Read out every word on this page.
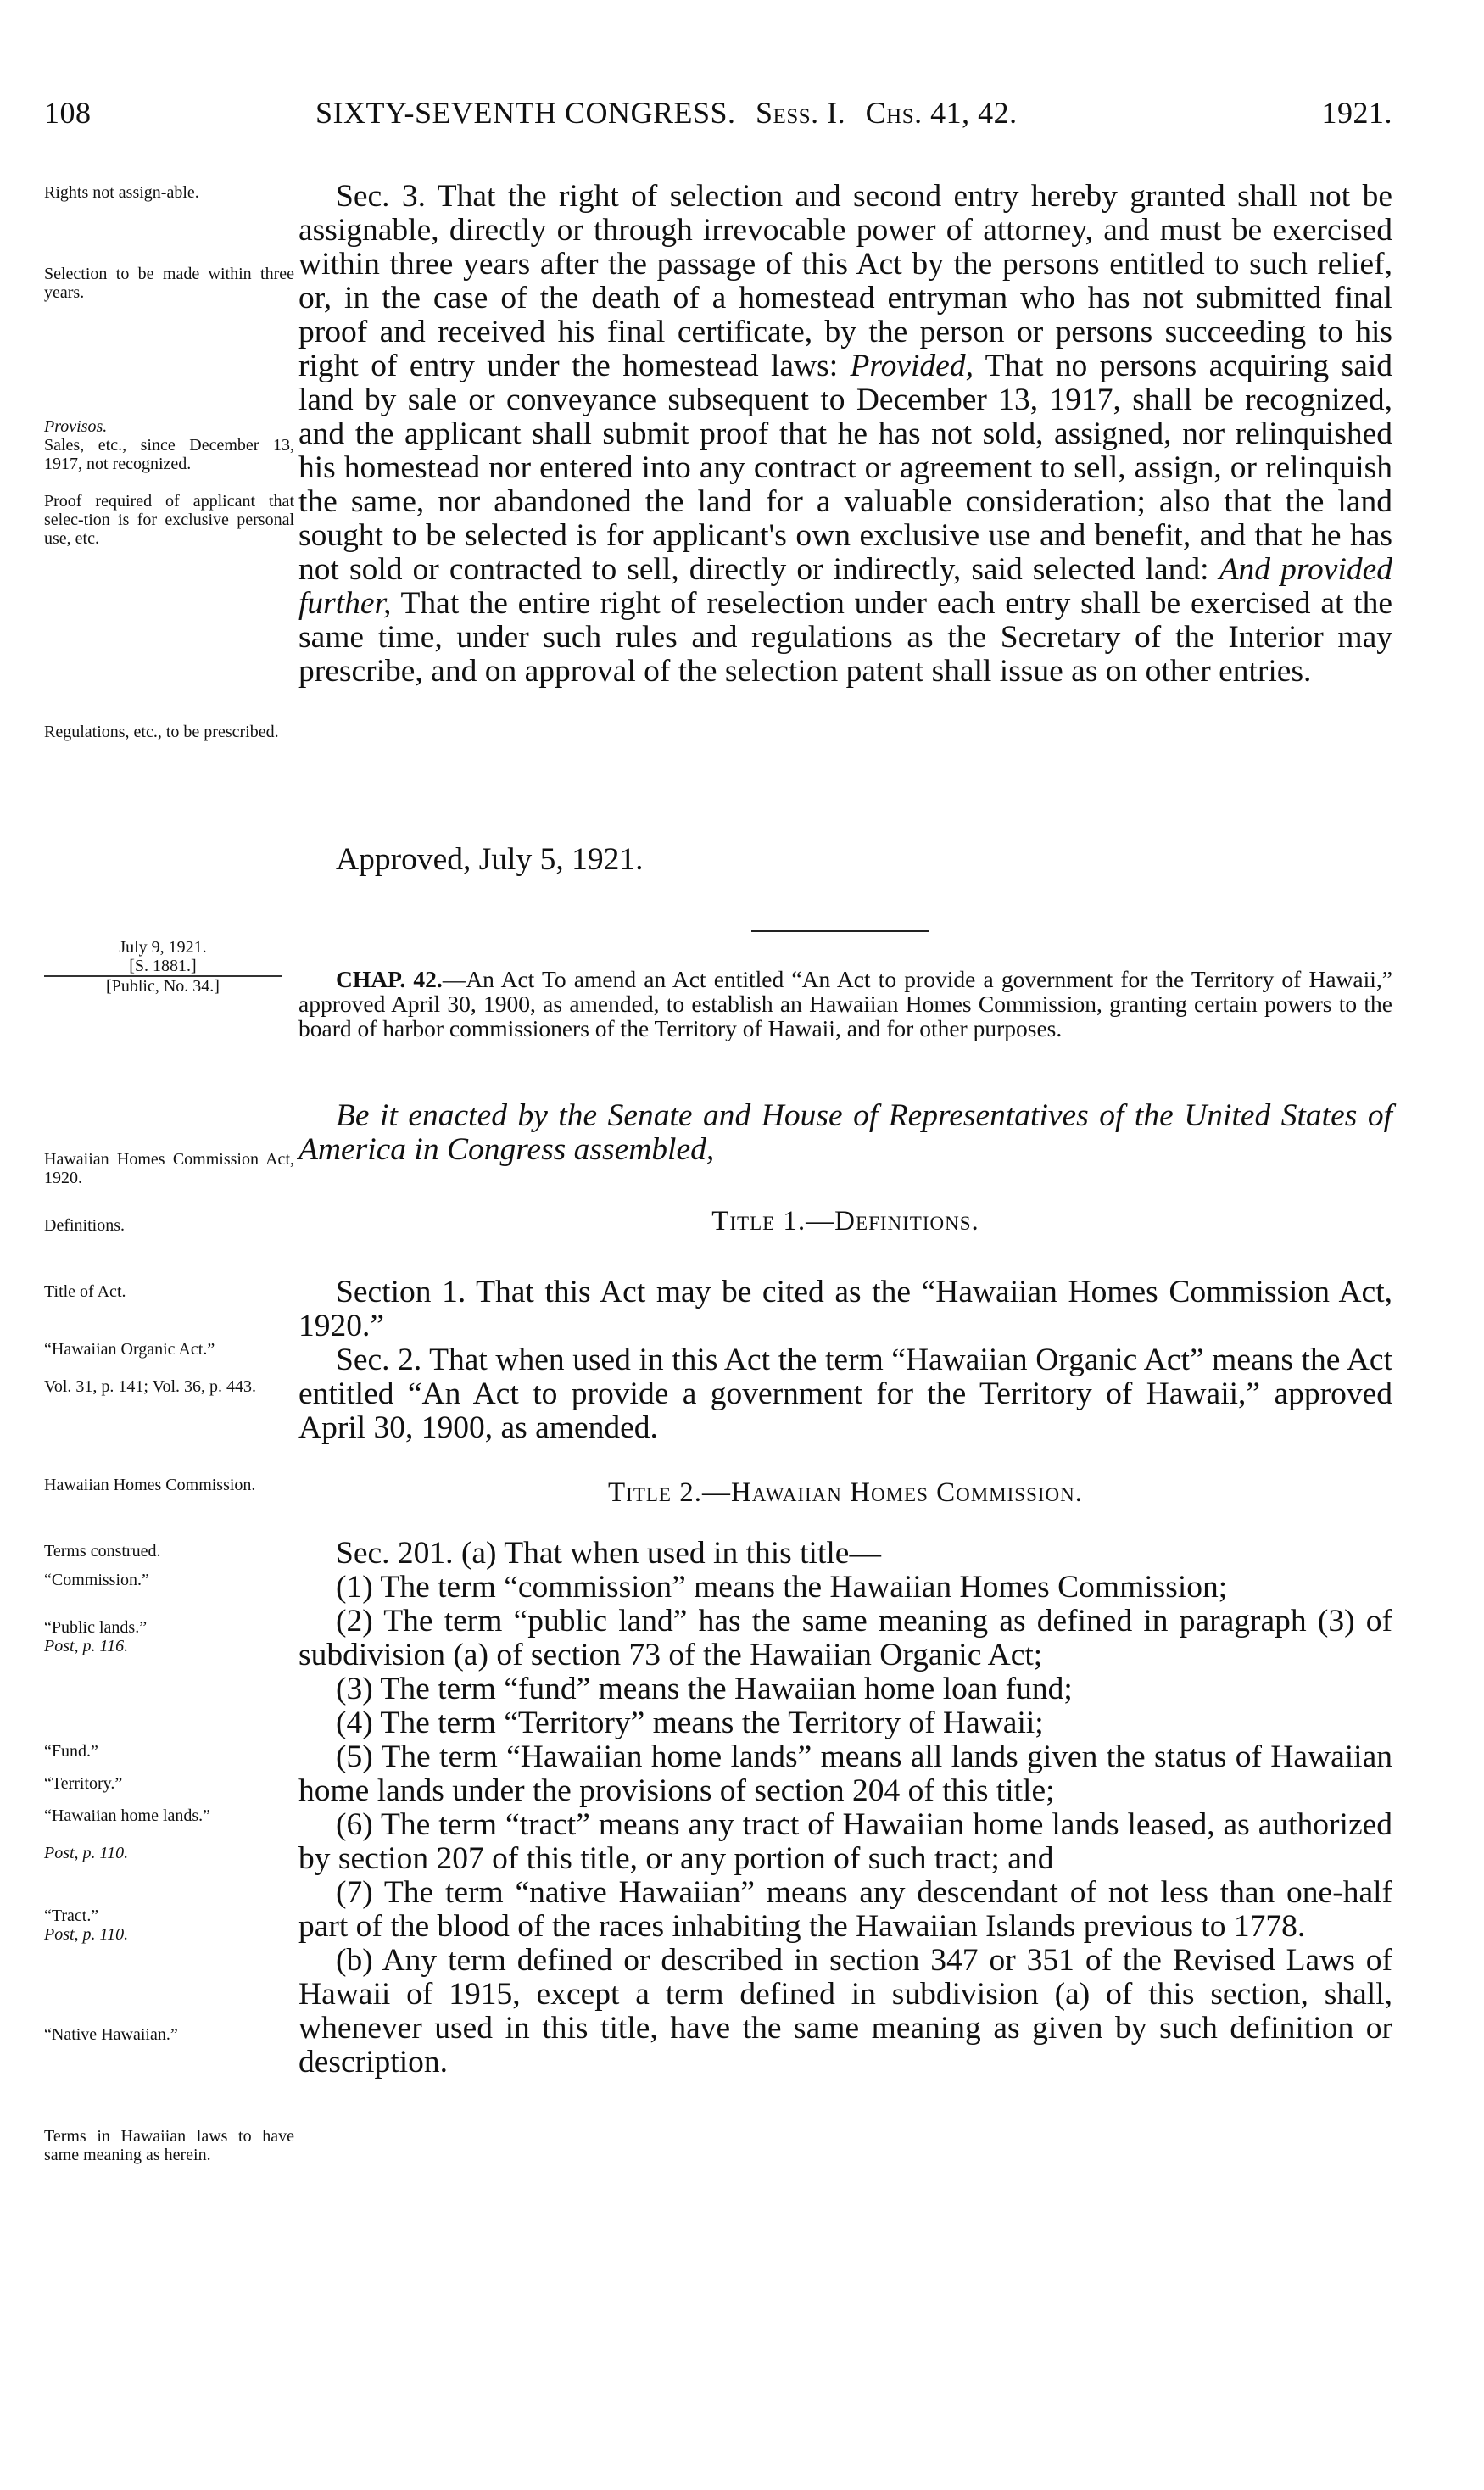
108	SIXTY-SEVENTH CONGRESS. Sess. I. Chs. 41, 42.	1921.
Rights not assign-able.
Selection to be made within three years.
Provisos.
Sales, etc., since December 13, 1917, not recognized.
Proof required of applicant that selec-tion is for exclusive personal use, etc.
Regulations, etc., to be prescribed.

Sec. 3. That the right of selection and second entry hereby granted shall not be assignable, directly or through irrevocable power of attorney, and must be exercised within three years after the passage of this Act by the persons entitled to such relief, or, in the case of the death of a homestead entryman who has not submitted final proof and received his final certificate, by the person or persons succeeding to his right of entry under the homestead laws: Provided, That no persons acquiring said land by sale or conveyance subsequent to December 13, 1917, shall be recognized, and the applicant shall submit proof that he has not sold, assigned, nor relinquished his homestead nor entered into any contract or agreement to sell, assign, or relinquish the same, nor abandoned the land for a valuable consideration; also that the land sought to be selected is for applicant's own exclusive use and benefit, and that he has not sold or contracted to sell, directly or indirectly, said selected land: And provided further, That the entire right of reselection under each entry shall be exercised at the same time, under such rules and regulations as the Secretary of the Interior may prescribe, and on approval of the selection patent shall issue as on other entries.

Approved, July 5, 1921.
July 9, 1921.
[S. 1881.]
[Public, No. 34.]	CHAP. 42.—An Act To amend an Act entitled “An Act to provide a government for the Territory of Hawaii,” approved April 30, 1900, as amended, to establish an Hawaiian Homes Commission, granting certain powers to the board of harbor commissioners of the Territory of Hawaii, and for other purposes.
Be it enacted by the Senate and House of Representatives of the United States of America in Congress assembled,
Hawaiian Homes Commission Act, 1920.
Definitions.	Title 1.—Definitions.
Title of Act.
“Hawaiian Organic Act.”
Vol. 31, p. 141; Vol. 36, p. 443.

Section 1. That this Act may be cited as the “Hawaiian Homes Commission Act, 1920.”

Sec. 2. That when used in this Act the term “Hawaiian Organic Act” means the Act entitled “An Act to provide a government for the Territory of Hawaii,” approved April 30, 1900, as amended.

Hawaiian Homes Commission.	Title 2.—Hawaiian Homes Commission.
Terms construed.
“Commission.”
“Public lands.”
Post, p. 116.
“Fund.”
“Territory.”
“Hawaiian home lands.”
Post, p. 110.
“Tract.”
Post, p. 110.
“Native Hawaiian.”
Terms in Hawaiian laws to have same meaning as herein.

Sec. 201. (a) That when used in this title—

(1) The term “commission” means the Hawaiian Homes Commission;

(2) The term “public land” has the same meaning as defined in paragraph (3) of subdivision (a) of section 73 of the Hawaiian Organic Act;

(3) The term “fund” means the Hawaiian home loan fund;

(4) The term “Territory” means the Territory of Hawaii;

(5) The term “Hawaiian home lands” means all lands given the status of Hawaiian home lands under the provisions of section 204 of this title;

(6) The term “tract” means any tract of Hawaiian home lands leased, as authorized by section 207 of this title, or any portion of such tract; and

(7) The term “native Hawaiian” means any descendant of not less than one-half part of the blood of the races inhabiting the Hawaiian Islands previous to 1778.

(b) Any term defined or described in section 347 or 351 of the Revised Laws of Hawaii of 1915, except a term defined in subdivision (a) of this section, shall, whenever used in this title, have the same meaning as given by such definition or description.
